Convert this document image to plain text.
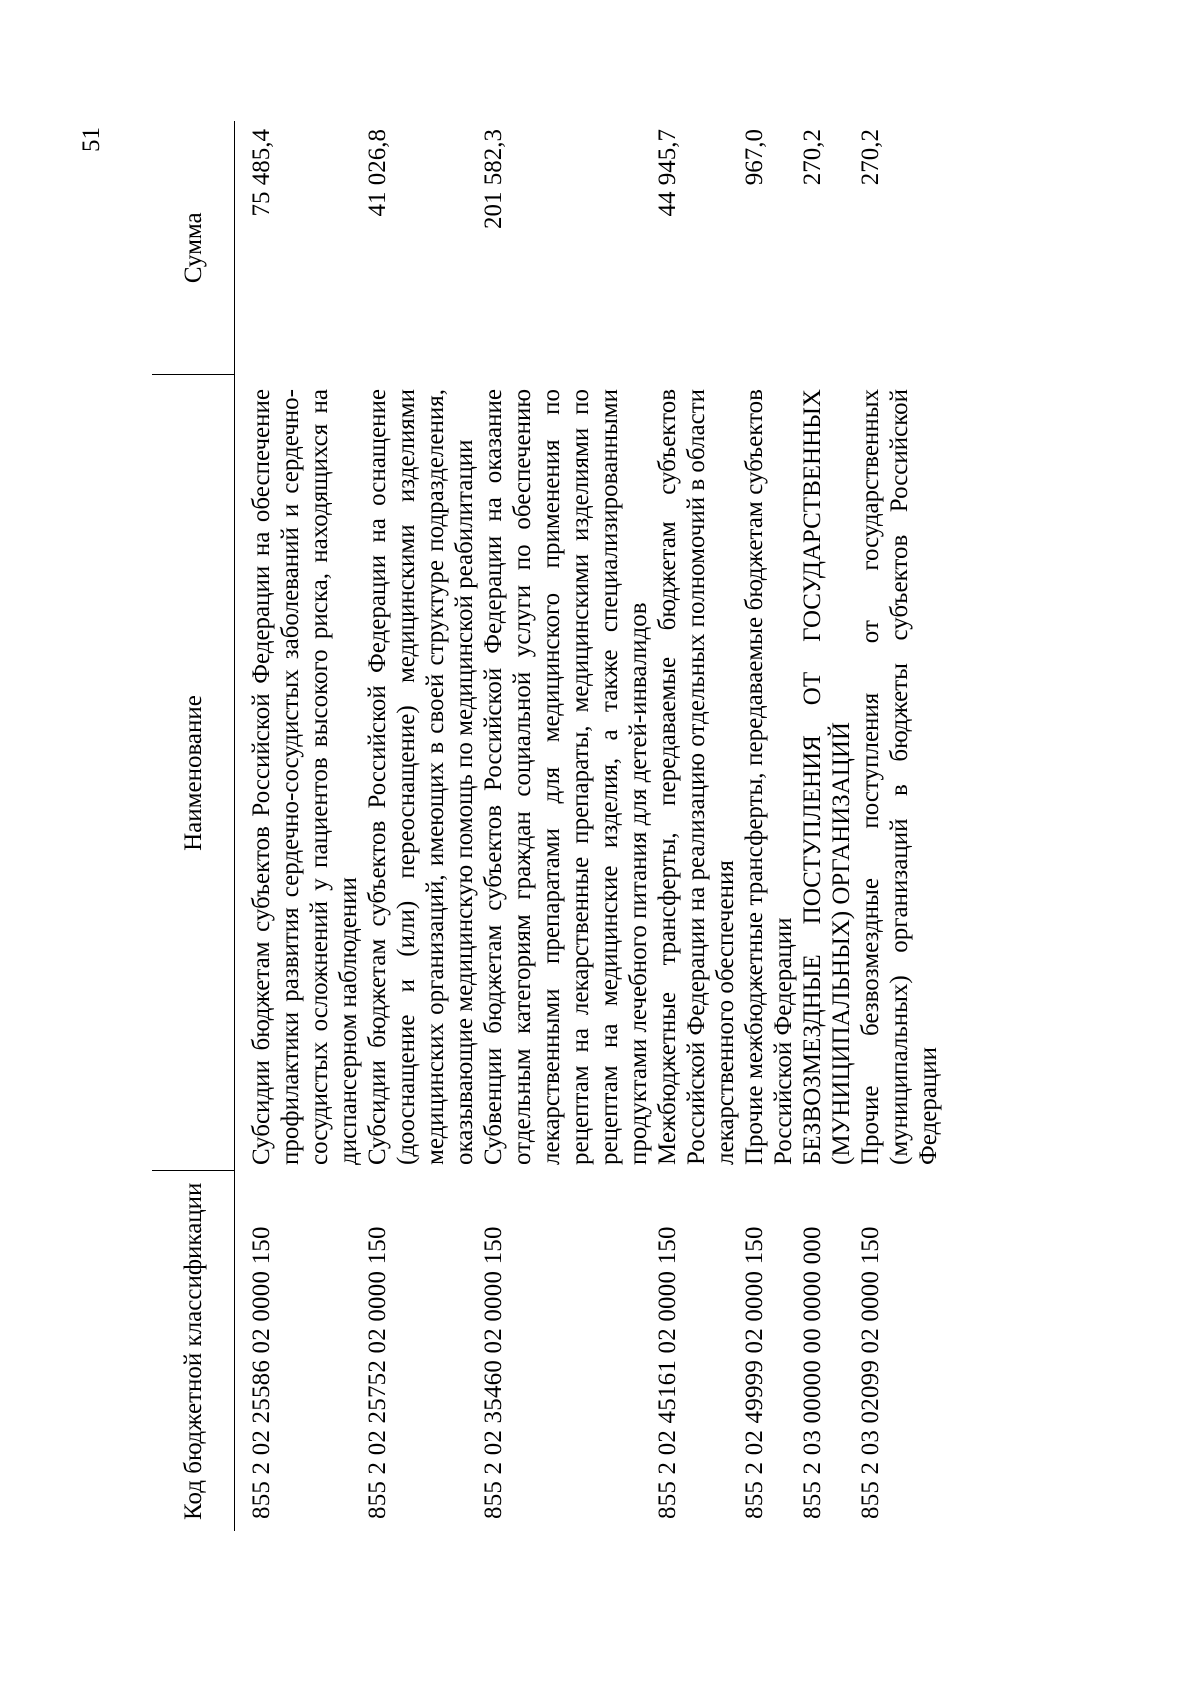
51
Код бюджетной классификации	Наименование	Сумма
855 2 02 25586 02 0000 150	Субсидии бюджетам субъектов Российской Федерации на обеспечение профилактики развития сердечно-сосудистых заболеваний и сердечно-сосудистых осложнений у пациентов высокого риска, находящихся на диспансерном наблюдении	75 485,4
855 2 02 25752 02 0000 150	Субсидии бюджетам субъектов Российской Федерации на оснащение (дооснащение и (или) переоснащение) медицинскими изделиями медицинских организаций, имеющих в своей структуре подразделения, оказывающие медицинскую помощь по медицинской реабилитации	41 026,8
855 2 02 35460 02 0000 150	Субвенции бюджетам субъектов Российской Федерации на оказание отдельным категориям граждан социальной услуги по обеспечению лекарственными препаратами для медицинского применения по рецептам на лекарственные препараты, медицинскими изделиями по рецептам на медицинские изделия, а также специализированными продуктами лечебного питания для детей-инвалидов	201 582,3
855 2 02 45161 02 0000 150	Межбюджетные трансферты, передаваемые бюджетам субъектов Российской Федерации на реализацию отдельных полномочий в области лекарственного обеспечения	44 945,7
855 2 02 49999 02 0000 150	Прочие межбюджетные трансферты, передаваемые бюджетам субъектов Российской Федерации	967,0
855 2 03 00000 00 0000 000	БЕЗВОЗМЕЗДНЫЕ ПОСТУПЛЕНИЯ ОТ ГОСУДАРСТВЕННЫХ (МУНИЦИПАЛЬНЫХ) ОРГАНИЗАЦИЙ	270,2
855 2 03 02099 02 0000 150	Прочие безвозмездные поступления от государственных (муниципальных) организаций в бюджеты субъектов Российской Федерации	270,2
